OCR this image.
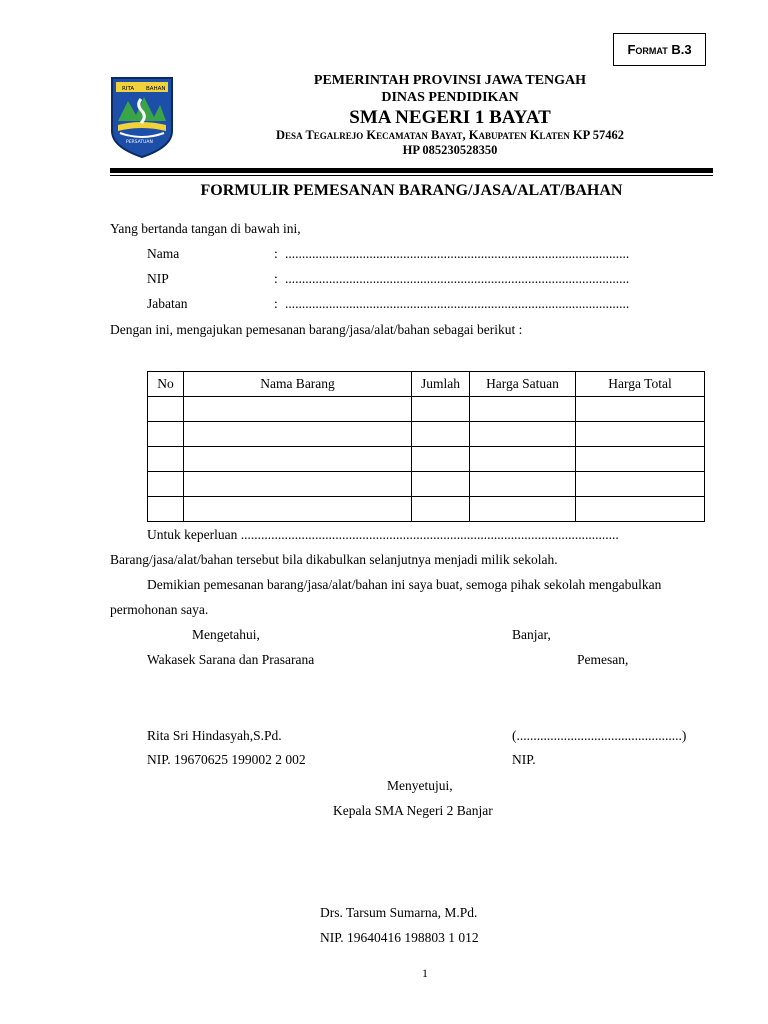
Format B.3
RITA BAHAN
PERSATUAN
PEMERINTAH PROVINSI JAWA TENGAH
DINAS PENDIDIKAN
SMA NEGERI 1 BAYAT
Desa Tegalrejo Kecamatan Bayat, Kabupaten Klaten KP 57462
HP 085230528350
FORMULIR PEMESANAN BARANG/JASA/ALAT/BAHAN
Yang bertanda tangan di bawah ini,
Nama	: ......................................................................................................
NIP	: ......................................................................................................
Jabatan	: ......................................................................................................
Dengan ini, mengajukan pemesanan barang/jasa/alat/bahan sebagai berikut :
No	Nama Barang	Jumlah	Harga Satuan	Harga Total

Untuk keperluan ................................................................................................................
Barang/jasa/alat/bahan tersebut bila dikabulkan selanjutnya menjadi milik sekolah.
Demikian pemesanan barang/jasa/alat/bahan ini saya buat, semoga pihak sekolah mengabulkan
permohonan saya.
Mengetahui,
Wakasek Sarana dan Prasarana
Rita Sri Hindasyah,S.Pd.
NIP. 19670625 199002 2 002
Banjar,
Pemesan,
(.................................................)
NIP.
Menyetujui,
Kepala SMA Negeri 2 Banjar
Drs. Tarsum Sumarna, M.Pd.
NIP. 19640416 198803 1 012
1
